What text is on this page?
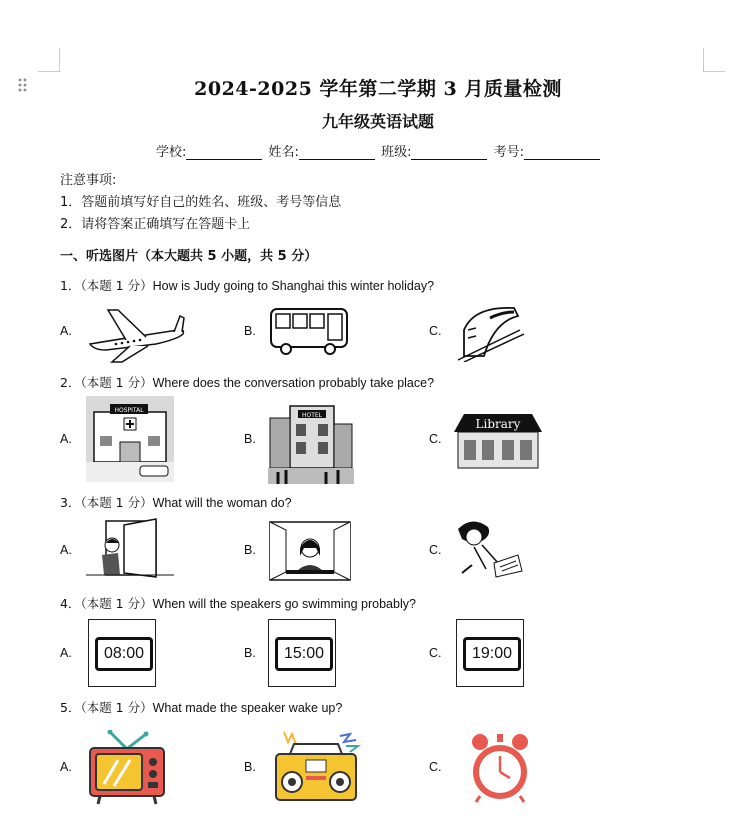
2024-2025 学年第二学期 3 月质量检测
九年级英语试题
学校:	姓名:	班级:	考号:
注意事项:
1．答题前填写好自己的姓名、班级、考号等信息
2．请将答案正确填写在答题卡上
一、听选图片（本大题共 5 小题，共 5 分）
1．（本题 1 分）How is Judy going to Shanghai this winter holiday?
A.	B.	C.
2．（本题 1 分）Where does the conversation probably take place?
A.	B.	C.
HOSPITAL
HOTEL
Library
3．（本题 1 分）What will the woman do?
A.	B.	C.
4．（本题 1 分）When will the speakers go swimming probably?
A.	B.	C.
08:00	15:00	19:00
5．（本题 1 分）What made the speaker wake up?
A.	B.	C.
